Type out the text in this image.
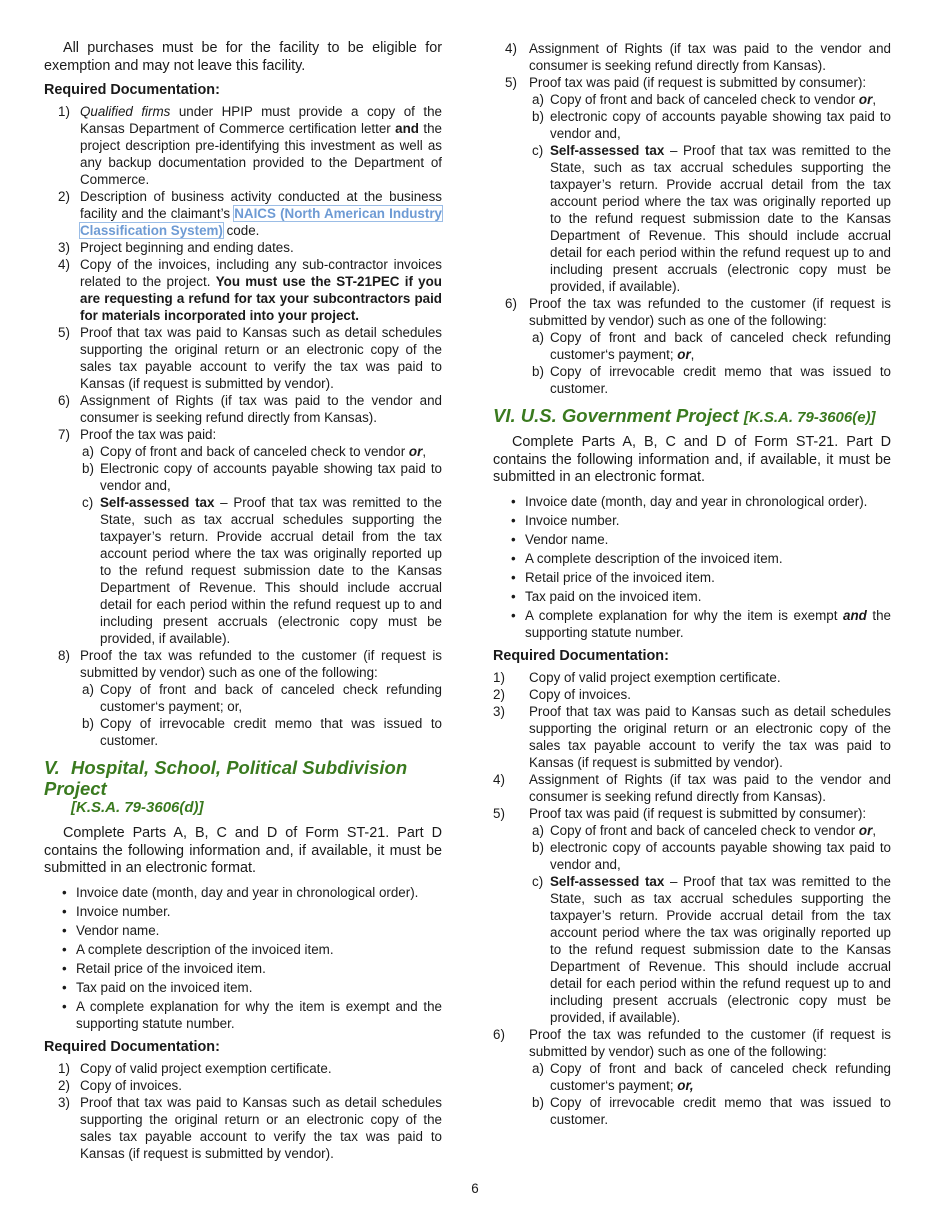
All purchases must be for the facility to be eligible for exemption and may not leave this facility.

Required Documentation:
1) Qualified firms under HPIP must provide a copy of the Kansas Department of Commerce certification letter and the project description pre-identifying this investment as well as any backup documentation provided to the Department of Commerce.
2) Description of business activity conducted at the business facility and the claimant’s NAICS (North American Industry Classification System) code.
3) Project beginning and ending dates.
4) Copy of the invoices, including any sub-contractor invoices related to the project. You must use the ST-21PEC if you are requesting a refund for tax your subcontractors paid for materials incorporated into your project.
5) Proof that tax was paid to Kansas such as detail schedules supporting the original return or an electronic copy of the sales tax payable account to verify the tax was paid to Kansas (if request is submitted by vendor).
6) Assignment of Rights (if tax was paid to the vendor and consumer is seeking refund directly from Kansas).
7) Proof the tax was paid:
a) Copy of front and back of canceled check to vendor or,
b) Electronic copy of accounts payable showing tax paid to vendor and,
c) Self-assessed tax – Proof that tax was remitted to the State, such as tax accrual schedules supporting the taxpayer’s return. Provide accrual detail from the tax account period where the tax was originally reported up to the refund request submission date to the Kansas Department of Revenue. This should include accrual detail for each period within the refund request up to and including present accruals (electronic copy must be provided, if available).
8) Proof the tax was refunded to the customer (if request is submitted by vendor) such as one of the following:
a) Copy of front and back of canceled check refunding customer‘s payment; or,
b) Copy of irrevocable credit memo that was issued to customer.
V. Hospital, School, Political Subdivision Project
[K.S.A. 79-3606(d)]

Complete Parts A, B, C and D of Form ST-21. Part D contains the following information and, if available, it must be submitted in an electronic format.

• Invoice date (month, day and year in chronological order).
• Invoice number.
• Vendor name.
• A complete description of the invoiced item.
• Retail price of the invoiced item.
• Tax paid on the invoiced item.
• A complete explanation for why the item is exempt and the supporting statute number.
Required Documentation:
1) Copy of valid project exemption certificate.
2) Copy of invoices.
3) Proof that tax was paid to Kansas such as detail schedules supporting the original return or an electronic copy of the sales tax payable account to verify the tax was paid to Kansas (if request is submitted by vendor).
4) Assignment of Rights (if tax was paid to the vendor and consumer is seeking refund directly from Kansas).
5) Proof tax was paid (if request is submitted by consumer):
a) Copy of front and back of canceled check to vendor or,
b) electronic copy of accounts payable showing tax paid to vendor and,
c) Self-assessed tax – Proof that tax was remitted to the State, such as tax accrual schedules supporting the taxpayer’s return. Provide accrual detail from the tax account period where the tax was originally reported up to the refund request submission date to the Kansas Department of Revenue. This should include accrual detail for each period within the refund request up to and including present accruals (electronic copy must be provided, if available).
6) Proof the tax was refunded to the customer (if request is submitted by vendor) such as one of the following:
a) Copy of front and back of canceled check refunding customer‘s payment; or,
b) Copy of irrevocable credit memo that was issued to customer.
VI. U.S. Government Project [K.S.A. 79-3606(e)]

Complete Parts A, B, C and D of Form ST-21. Part D contains the following information and, if available, it must be submitted in an electronic format.

• Invoice date (month, day and year in chronological order).
• Invoice number.
• Vendor name.
• A complete description of the invoiced item.
• Retail price of the invoiced item.
• Tax paid on the invoiced item.
• A complete explanation for why the item is exempt and the supporting statute number.
Required Documentation:
1) Copy of valid project exemption certificate.
2) Copy of invoices.
3) Proof that tax was paid to Kansas such as detail schedules supporting the original return or an electronic copy of the sales tax payable account to verify the tax was paid to Kansas (if request is submitted by vendor).
4) Assignment of Rights (if tax was paid to the vendor and consumer is seeking refund directly from Kansas).
5) Proof tax was paid (if request is submitted by consumer):
a) Copy of front and back of canceled check to vendor or,
b) electronic copy of accounts payable showing tax paid to vendor and,
c) Self-assessed tax – Proof that tax was remitted to the State, such as tax accrual schedules supporting the taxpayer’s return. Provide accrual detail from the tax account period where the tax was originally reported up to the refund request submission date to the Kansas Department of Revenue. This should include accrual detail for each period within the refund request up to and including present accruals (electronic copy must be provided, if available).
6) Proof the tax was refunded to the customer (if request is submitted by vendor) such as one of the following:
a) Copy of front and back of canceled check refunding customer‘s payment; or,
b) Copy of irrevocable credit memo that was issued to customer.
6
